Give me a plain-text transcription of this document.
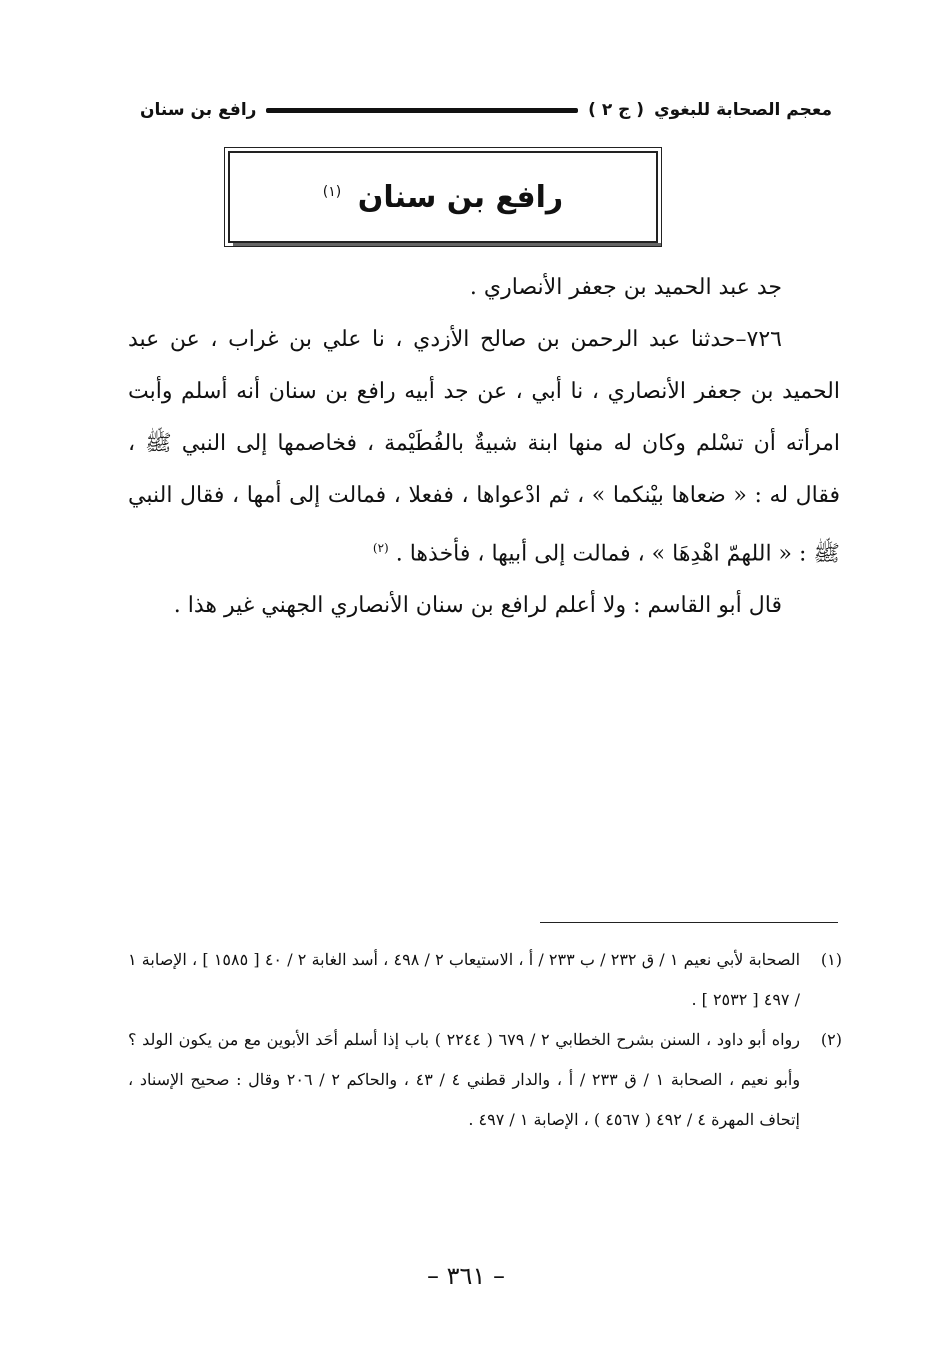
معجم الصحابة للبغوي
( ج ٢ )
رافع بن سنان
رافع بن سنان $^{(١)}$

جد عبد الحميد بن جعفر الأنصاري .

٧٢٦–حدثنا عبد الرحمن بن صالح الأزدي ، نا علي بن غراب ، عن عبد الحميد بن جعفر الأنصاري ، نا أبي ، عن جد أبيه رافع بن سنان أنه أسلم وأبت امرأته أن تسْلم وكان له منها ابنة شبيةٌ بالفُطَيْمة ، فخاصمها إلى النبي ﷺ ، فقال له : « ضعاها بيْنكما » ، ثم ادْعواها ، ففعلا ، فمالت إلى أمها ، فقال النبي ﷺ : « اللهمّ اهْدِهَا » ، فمالت إلى أبيها ، فأخذها . $^{(٢)}$

قال أبو القاسم : ولا أعلم لرافع بن سنان الأنصاري الجهني غير هذا .

(١)
الصحابة لأبي نعيم ١ / ق ٢٣٢ / ب ٢٣٣ / أ ، الاستيعاب ٢ / ٤٩٨ ، أسد الغابة ٢ / ٤٠ [ ١٥٨٥ ] ، الإصابة ١ / ٤٩٧ [ ٢٥٣٢ ] .

(٢)
رواه أبو داود ، السنن بشرح الخطابي ٢ / ٦٧٩ ( ٢٢٤٤ ) باب إذا أسلم أحَد الأبوين مع من يكون الولد ؟ وأبو نعيم ، الصحابة ١ / ق ٢٣٣ / أ ، والدار قطني ٤ / ٤٣ ، والحاكم ٢ / ٢٠٦ وقال : صحيح الإسناد ، إتحاف المهرة ٤ / ٤٩٢ ( ٤٥٦٧ ) ، الإصابة ١ / ٤٩٧ .

– ٣٦١ –
